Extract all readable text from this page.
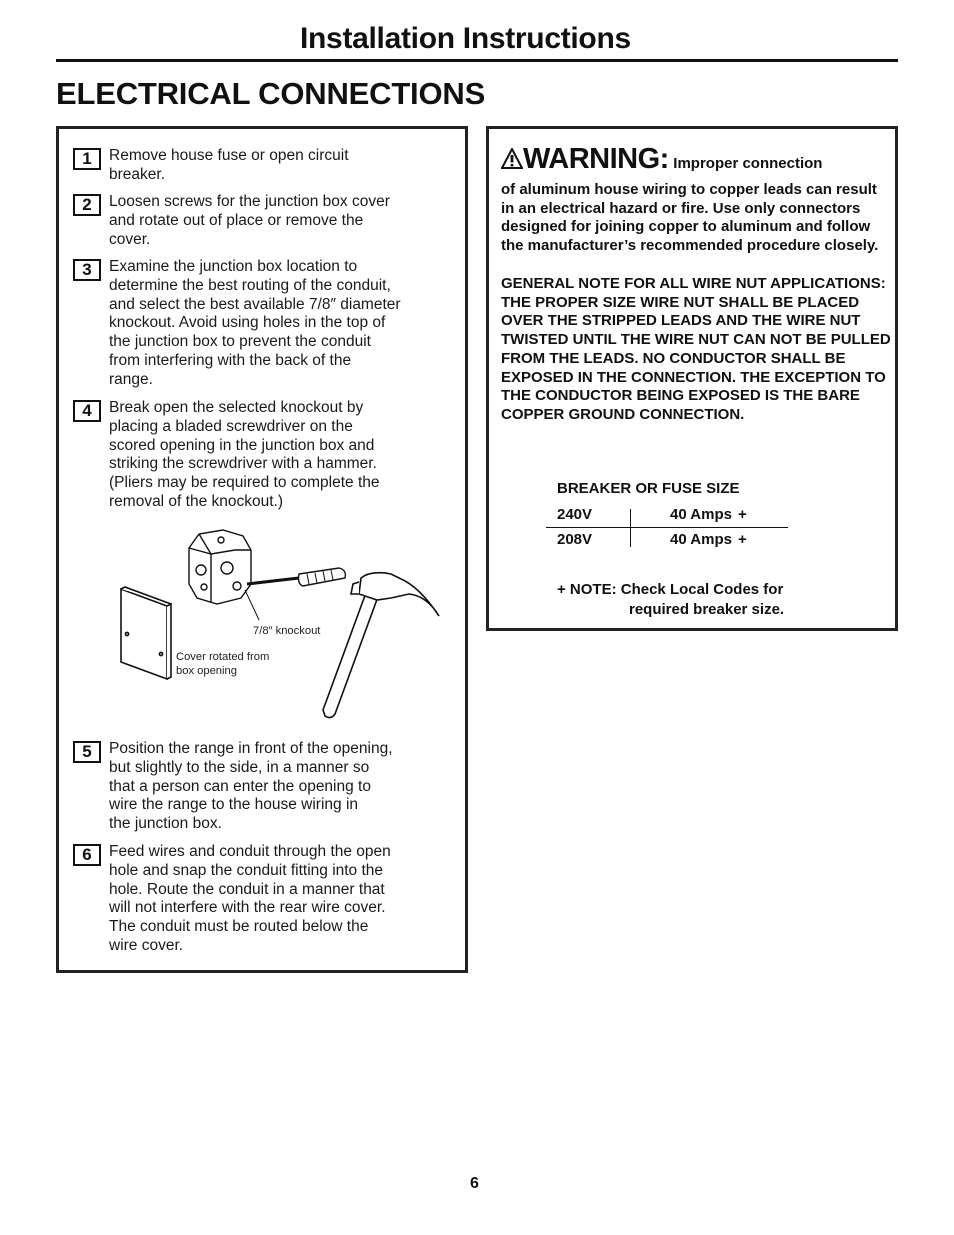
Installation Instructions
ELECTRICAL CONNECTIONS
1	Remove house fuse or open circuit
breaker.
2	Loosen screws for the junction box cover
and rotate out of place or remove the
cover.
3	Examine the junction box location to
determine the best routing of the conduit,
and select the best available 7/8″ diameter
knockout. Avoid using holes in the top of
the junction box to prevent the conduit
from interfering with the back of the
range.
4	Break open the selected knockout by
placing a bladed screwdriver on the
scored opening in the junction box and
striking the screwdriver with a hammer.
(Pliers may be required to complete the
removal of the knockout.)
7/8″ knockout
Cover rotated from
box opening
5	Position the range in front of the opening,
but slightly to the side, in a manner so
that a person can enter the opening to
wire the range to the house wiring in
the junction box.
6	Feed wires and conduit through the open
hole and snap the conduit fitting into the
hole. Route the conduit in a manner that
will not interfere with the rear wire cover.
The conduit must be routed below the
wire cover.
WARNING: Improper connection
of aluminum house wiring to copper leads can result in an electrical hazard or fire. Use only connectors designed for joining copper to aluminum and follow the manufacturer’s recommended procedure closely.
GENERAL NOTE FOR ALL WIRE NUT APPLICATIONS: THE PROPER SIZE WIRE NUT SHALL BE PLACED OVER THE STRIPPED LEADS AND THE WIRE NUT TWISTED UNTIL THE WIRE NUT CAN NOT BE PULLED FROM THE LEADS. NO CONDUCTOR SHALL BE EXPOSED IN THE CONNECTION. THE EXCEPTION TO THE CONDUCTOR BEING EXPOSED IS THE BARE COPPER GROUND CONNECTION.
BREAKER OR FUSE SIZE
240V	40 Amps +
208V	40 Amps +
+ NOTE: Check Local Codes for
required breaker size.
6
